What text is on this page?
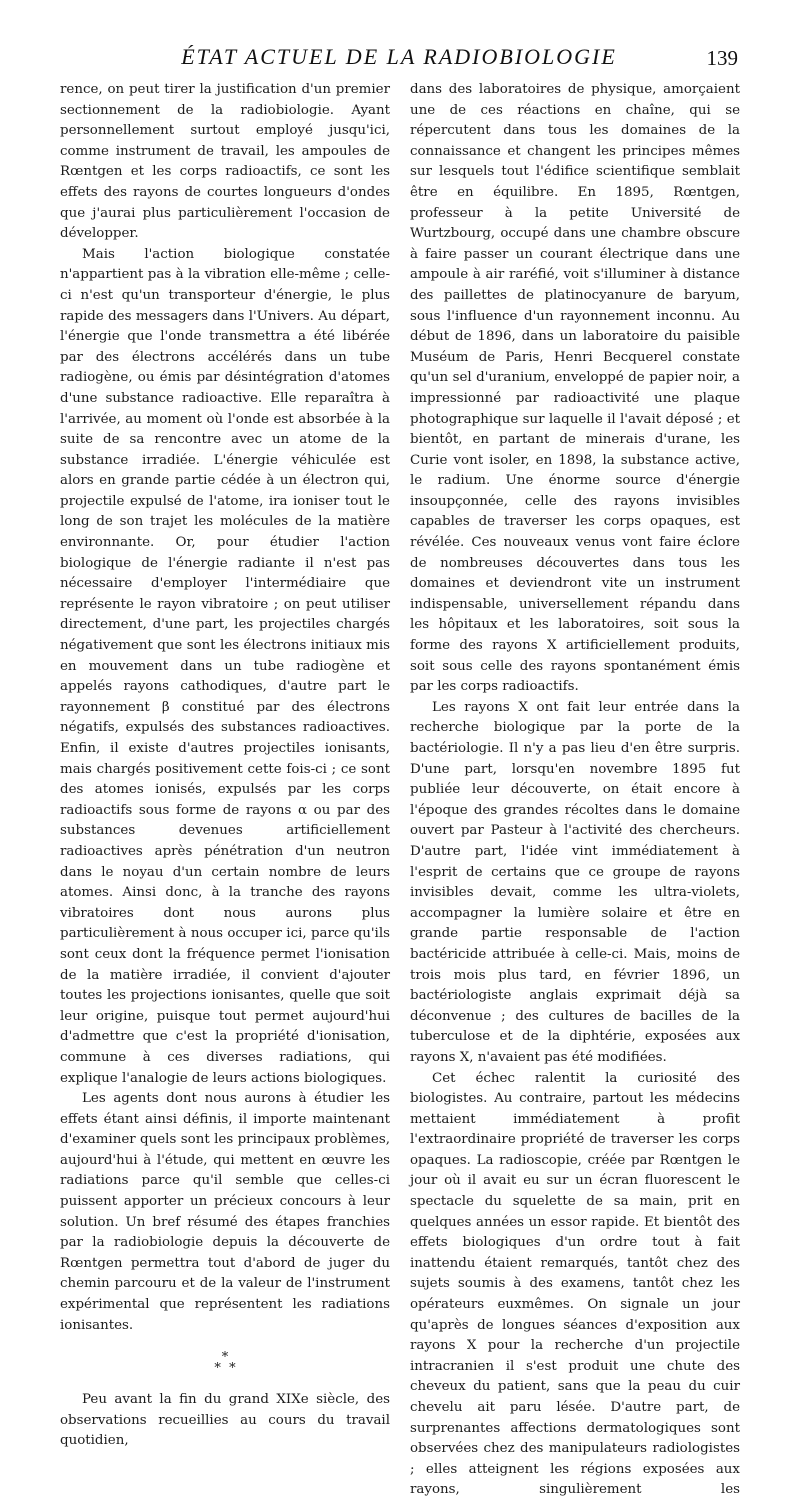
ÉTAT ACTUEL DE LA RADIOBIOLOGIE	139

rence, on peut tirer la justification d'un premier sectionnement de la radiobiologie. Ayant personnellement surtout employé jusqu'ici, comme instrument de travail, les ampoules de Rœntgen et les corps radioactifs, ce sont les effets des rayons de courtes longueurs d'ondes que j'aurai plus particulièrement l'occasion de développer.

Mais l'action biologique constatée n'appartient pas à la vibration elle-même ; celle-ci n'est qu'un transporteur d'énergie, le plus rapide des messagers dans l'Univers. Au départ, l'énergie que l'onde transmettra a été libérée par des électrons accélérés dans un tube radiogène, ou émis par désintégration d'atomes d'une substance radioactive. Elle reparaîtra à l'arrivée, au moment où l'onde est absorbée à la suite de sa rencontre avec un atome de la substance irradiée. L'énergie véhiculée est alors en grande partie cédée à un électron qui, projectile expulsé de l'atome, ira ioniser tout le long de son trajet les molécules de la matière environnante. Or, pour étudier l'action biologique de l'énergie radiante il n'est pas nécessaire d'employer l'intermédiaire que représente le rayon vibratoire ; on peut utiliser directement, d'une part, les projectiles chargés négativement que sont les électrons initiaux mis en mouvement dans un tube radiogène et appelés rayons cathodiques, d'autre part le rayonnement β constitué par des électrons négatifs, expulsés des substances radioactives. Enfin, il existe d'autres projectiles ionisants, mais chargés positivement cette fois-ci ; ce sont des atomes ionisés, expulsés par les corps radioactifs sous forme de rayons α ou par des substances devenues artificiellement radioactives après pénétration d'un neutron dans le noyau d'un certain nombre de leurs atomes. Ainsi donc, à la tranche des rayons vibratoires dont nous aurons plus particulièrement à nous occuper ici, parce qu'ils sont ceux dont la fréquence permet l'ionisation de la matière irradiée, il convient d'ajouter toutes les projections ionisantes, quelle que soit leur origine, puisque tout permet aujourd'hui d'admettre que c'est la propriété d'ionisation, commune à ces diverses radiations, qui explique l'analogie de leurs actions biologiques.

Les agents dont nous aurons à étudier les effets étant ainsi définis, il importe maintenant d'examiner quels sont les principaux problèmes, aujourd'hui à l'étude, qui mettent en œuvre les radiations parce qu'il semble que celles-ci puissent apporter un précieux concours à leur solution. Un bref résumé des étapes franchies par la radiobiologie depuis la découverte de Rœntgen permettra tout d'abord de juger du chemin parcouru et de la valeur de l'instrument expérimental que représentent les radiations ionisantes.

*
*  *

Peu avant la fin du grand XIXe siècle, des observations recueillies au cours du travail quotidien,

dans des laboratoires de physique, amorçaient une de ces réactions en chaîne, qui se répercutent dans tous les domaines de la connaissance et changent les principes mêmes sur lesquels tout l'édifice scientifique semblait être en équilibre. En 1895, Rœntgen, professeur à la petite Université de Wurtzbourg, occupé dans une chambre obscure à faire passer un courant électrique dans une ampoule à air raréfié, voit s'illuminer à distance des paillettes de platinocyanure de baryum, sous l'influence d'un rayonnement inconnu. Au début de 1896, dans un laboratoire du paisible Muséum de Paris, Henri Becquerel constate qu'un sel d'uranium, enveloppé de papier noir, a impressionné par radioactivité une plaque photographique sur laquelle il l'avait déposé ; et bientôt, en partant de minerais d'urane, les Curie vont isoler, en 1898, la substance active, le radium. Une énorme source d'énergie insoupçonnée, celle des rayons invisibles capables de traverser les corps opaques, est révélée. Ces nouveaux venus vont faire éclore de nombreuses découvertes dans tous les domaines et deviendront vite un instrument indispensable, universellement répandu dans les hôpitaux et les laboratoires, soit sous la forme des rayons X artificiellement produits, soit sous celle des rayons spontanément émis par les corps radioactifs.

Les rayons X ont fait leur entrée dans la recherche biologique par la porte de la bactériologie. Il n'y a pas lieu d'en être surpris. D'une part, lorsqu'en novembre 1895 fut publiée leur découverte, on était encore à l'époque des grandes récoltes dans le domaine ouvert par Pasteur à l'activité des chercheurs. D'autre part, l'idée vint immédiatement à l'esprit de certains que ce groupe de rayons invisibles devait, comme les ultra-violets, accompagner la lumière solaire et être en grande partie responsable de l'action bactéricide attribuée à celle-ci. Mais, moins de trois mois plus tard, en février 1896, un bactériologiste anglais exprimait déjà sa déconvenue ; des cultures de bacilles de la tuberculose et de la diphtérie, exposées aux rayons X, n'avaient pas été modifiées.

Cet échec ralentit la curiosité des biologistes. Au contraire, partout les médecins mettaient immédiatement à profit l'extraordinaire propriété de traverser les corps opaques. La radioscopie, créée par Rœntgen le jour où il avait eu sur un écran fluorescent le spectacle du squelette de sa main, prit en quelques années un essor rapide. Et bientôt des effets biologiques d'un ordre tout à fait inattendu étaient remarqués, tantôt chez des sujets soumis à des examens, tantôt chez les opérateurs euxmêmes. On signale un jour qu'après de longues séances d'exposition aux rayons X pour la recherche d'un projectile intracranien il s'est produit une chute des cheveux du patient, sans que la peau du cuir chevelu ait paru lésée. D'autre part, de surprenantes affections dermatologiques sont observées chez des manipulateurs radiologistes ; elles atteignent les régions exposées aux rayons, singulièrement les
